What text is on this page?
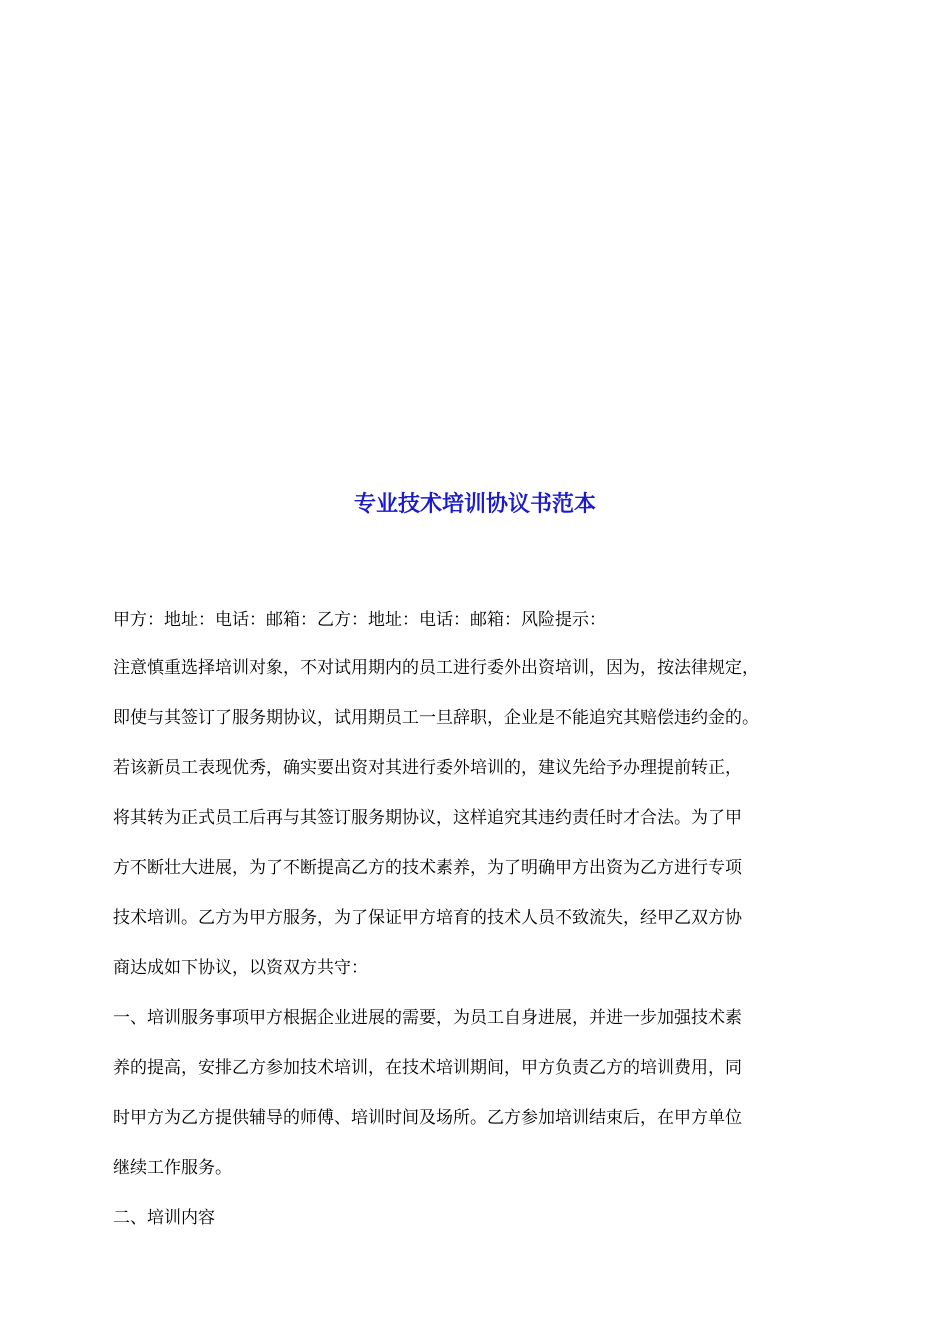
专业技术培训协议书范本
甲方：地址：电话：邮箱：乙方：地址：电话：邮箱：风险提示：
注意慎重选择培训对象，不对试用期内的员工进行委外出资培训，因为，按法律规定，
即使与其签订了服务期协议，试用期员工一旦辞职，企业是不能追究其赔偿违约金的。
若该新员工表现优秀，确实要出资对其进行委外培训的，建议先给予办理提前转正，
将其转为正式员工后再与其签订服务期协议，这样追究其违约责任时才合法。为了甲
方不断壮大进展，为了不断提高乙方的技术素养，为了明确甲方出资为乙方进行专项
技术培训。乙方为甲方服务，为了保证甲方培育的技术人员不致流失，经甲乙双方协
商达成如下协议，以资双方共守：
一、培训服务事项甲方根据企业进展的需要，为员工自身进展，并进一步加强技术素
养的提高，安排乙方参加技术培训，在技术培训期间，甲方负责乙方的培训费用，同
时甲方为乙方提供辅导的师傅、培训时间及场所。乙方参加培训结束后，在甲方单位
继续工作服务。
二、培训内容
